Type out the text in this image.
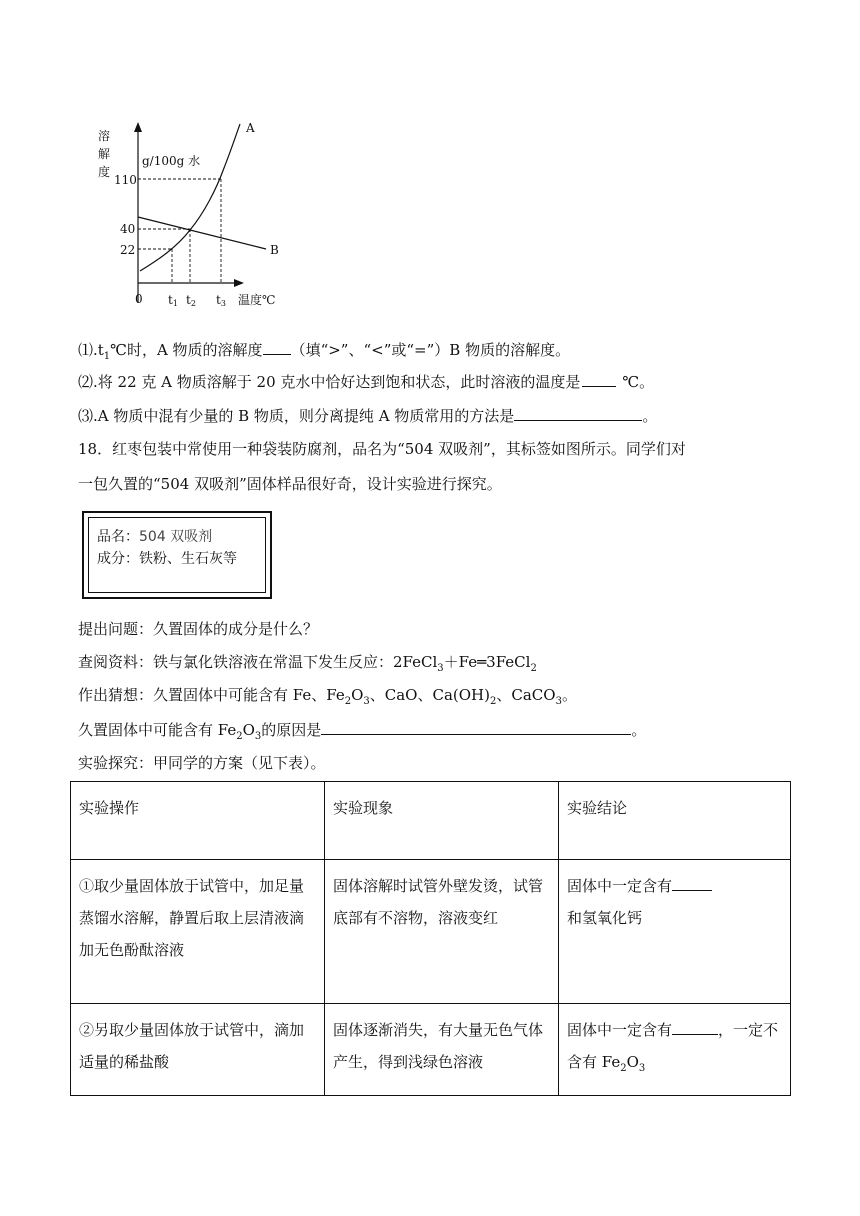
溶
解
度
g/100g 水
110
40
22
0 t1 t2 t3 温度℃
A
B
$⑴.t_1℃$时，A 物质的溶解度 （填“>”、“<”或“=”）B 物质的溶解度。
⑵.将 22 克 A 物质溶解于 20 克水中恰好达到饱和状态，此时溶液的温度是	℃。
⑶.A 物质中混有少量的 B 物质，则分离提纯 A 物质常用的方法是	。
18．红枣包装中常使用一种袋装防腐剂，品名为“504 双吸剂”，其标签如图所示。同学们对
一包久置的“504 双吸剂”固体样品很好奇，设计实验进行探究。
品名：504 双吸剂
成分：铁粉、生石灰等
提出问题：久置固体的成分是什么？
查阅资料：铁与氯化铁溶液在常温下发生反应：2FeCl$_3$＋Fe═3FeCl$_2$
作出猜想：久置固体中可能含有 Fe、$Fe_2O_3$、CaO、$Ca(OH)_2$、CaCO$_3$。
久置固体中可能含有 $Fe_2O_3$的原因是	。
实验探究：甲同学的方案（见下表）。
实验操作	实验现象	实验结论
①取少量固体放于试管中，加足量蒸馏水溶解，静置后取上层清液滴加无色酚酞溶液	固体溶解时试管外壁发烫，试管底部有不溶物，溶液变红	固体中一定含有
和氢氧化钙
②另取少量固体放于试管中，滴加适量的稀盐酸	固体逐渐消失，有大量无色气体产生，得到浅绿色溶液	固体中一定含有 ，一定不含有 $Fe_2O_3$
